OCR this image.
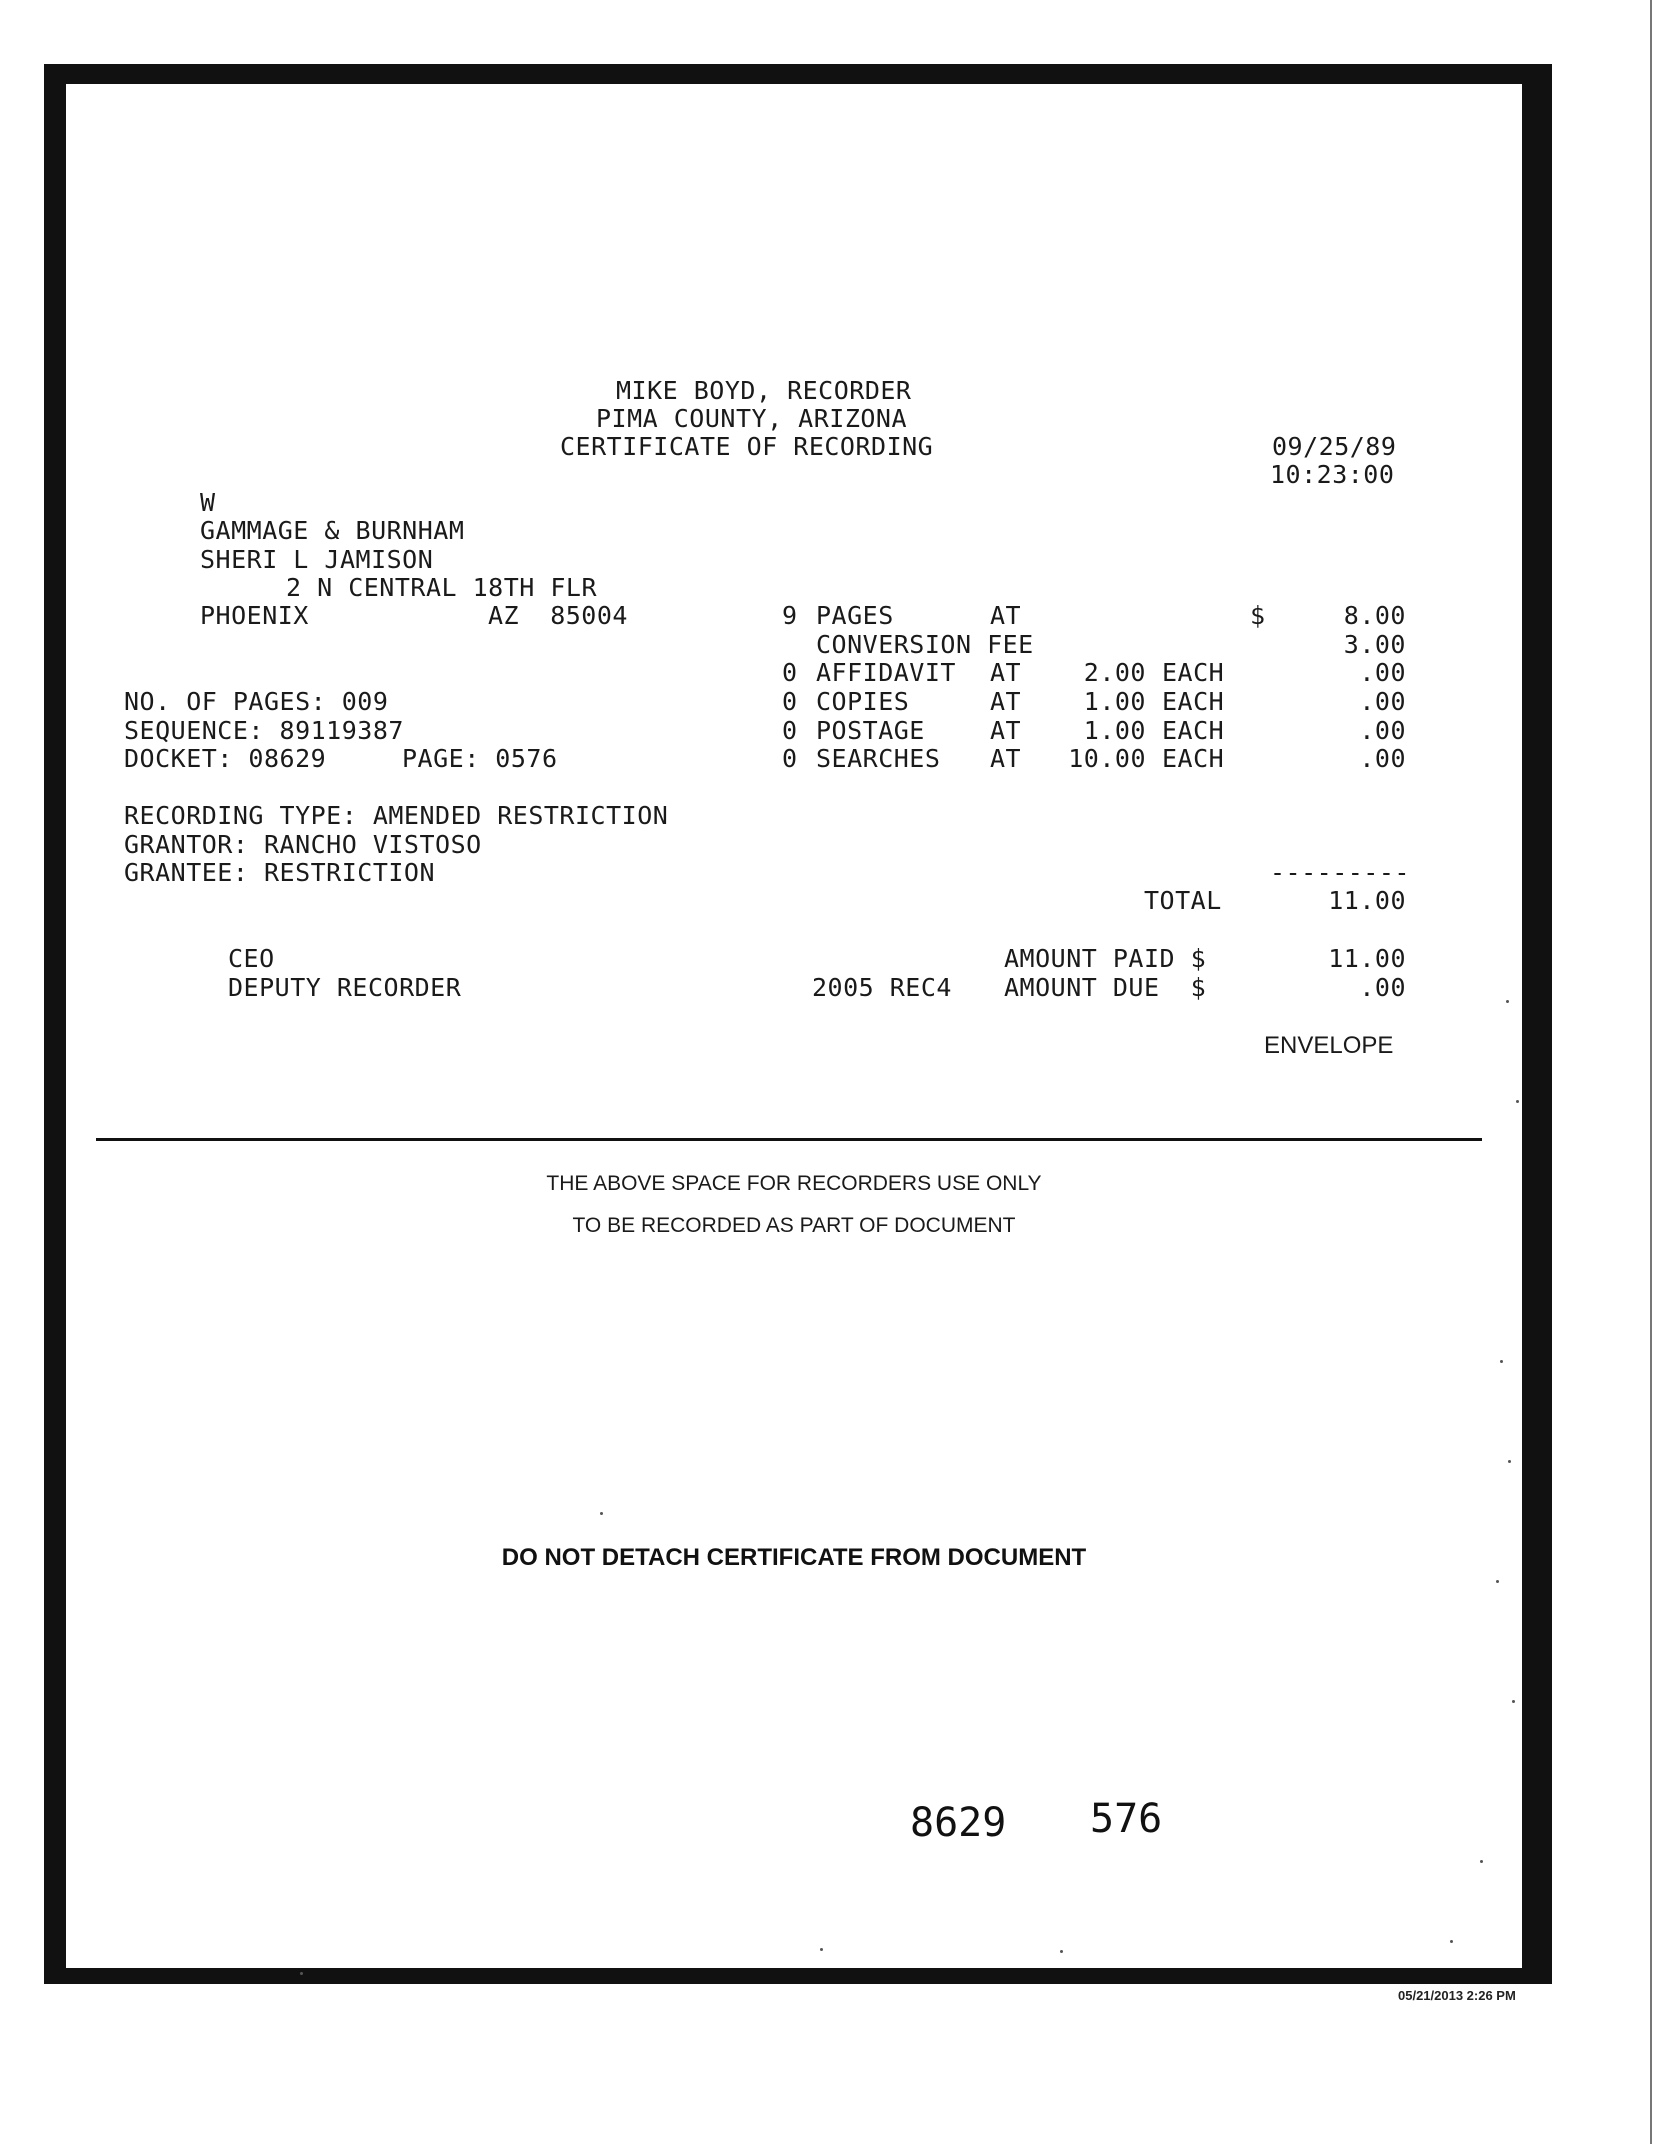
MIKE BOYD, RECORDER
PIMA COUNTY, ARIZONA
CERTIFICATE OF RECORDING	09/25/89
10:23:00
W
GAMMAGE & BURNHAM
SHERI L JAMISON
2 N CENTRAL 18TH FLR
PHOENIX	AZ  85004	9 PAGES	AT	$	8.00
CONVERSION FEE	3.00
0 AFFIDAVIT AT	2.00 EACH	.00
0 COPIES	AT	1.00 EACH	.00
0 POSTAGE	AT	1.00 EACH	.00
0 SEARCHES AT	10.00 EACH	.00
NO. OF PAGES: 009
SEQUENCE: 89119387
DOCKET: 08629	PAGE: 0576
RECORDING TYPE: AMENDED RESTRICTION
GRANTOR: RANCHO VISTOSO
GRANTEE: RESTRICTION	---------
TOTAL	11.00
AMOUNT PAID $	11.00
2005 REC4 AMOUNT DUE  $	.00
ENVELOPE
CEO
DEPUTY RECORDER
THE ABOVE SPACE FOR RECORDERS USE ONLY
TO BE RECORDED AS PART OF DOCUMENT
DO NOT DETACH CERTIFICATE FROM DOCUMENT
8629 576
05/21/2013 2:26 PM
